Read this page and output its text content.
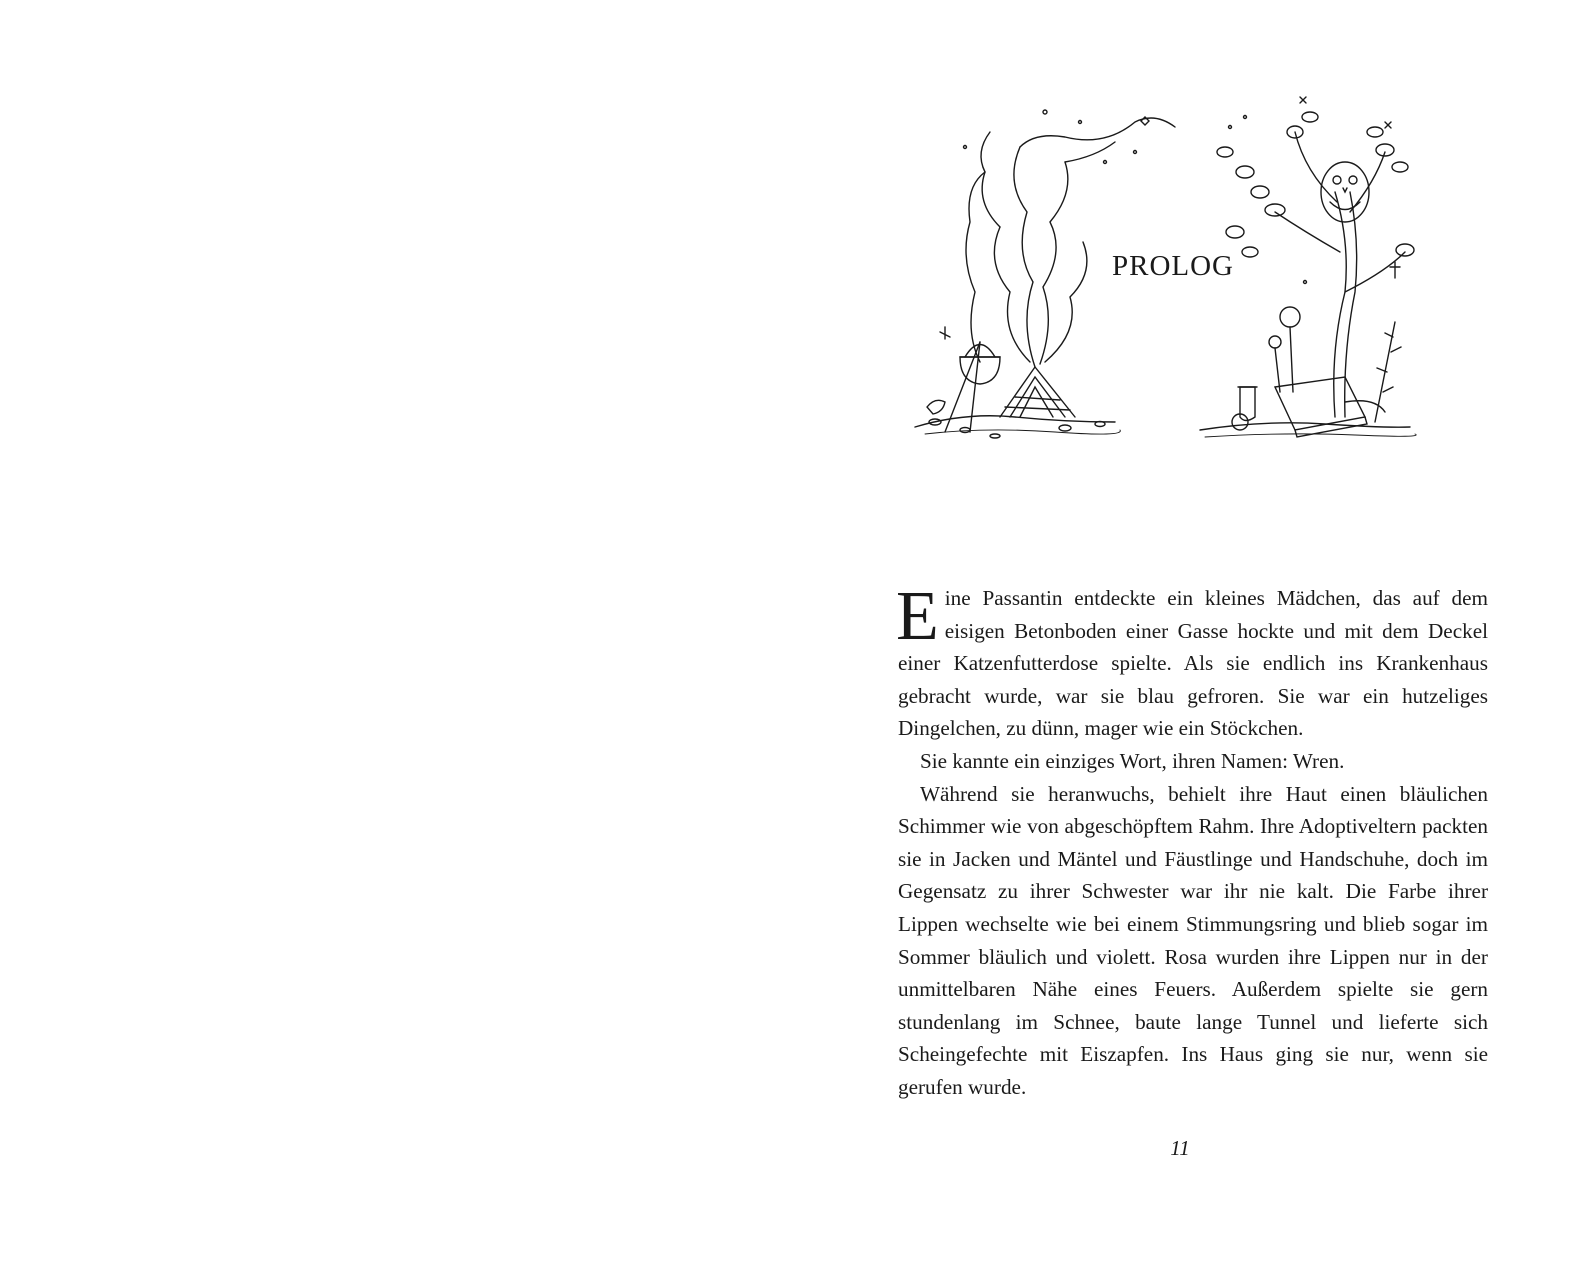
PROLOG

Eine Passantin entdeckte ein kleines Mädchen, das auf dem eisigen Betonboden einer Gasse hockte und mit dem Deckel einer Katzenfutterdose spielte. Als sie endlich ins Krankenhaus gebracht wurde, war sie blau gefroren. Sie war ein hutzeliges Dingelchen, zu dünn, mager wie ein Stöckchen.

Sie kannte ein einziges Wort, ihren Namen: Wren.

Während sie heranwuchs, behielt ihre Haut einen bläulichen Schimmer wie von abgeschöpftem Rahm. Ihre Adoptiveltern packten sie in Jacken und Mäntel und Fäustlinge und Handschuhe, doch im Gegensatz zu ihrer Schwester war ihr nie kalt. Die Farbe ihrer Lippen wechselte wie bei einem Stimmungsring und blieb sogar im Sommer bläulich und violett. Rosa wurden ihre Lippen nur in der unmittelbaren Nähe eines Feuers. Außerdem spielte sie gern stundenlang im Schnee, baute lange Tunnel und lieferte sich Scheingefechte mit Eiszapfen. Ins Haus ging sie nur, wenn sie gerufen wurde.

11
